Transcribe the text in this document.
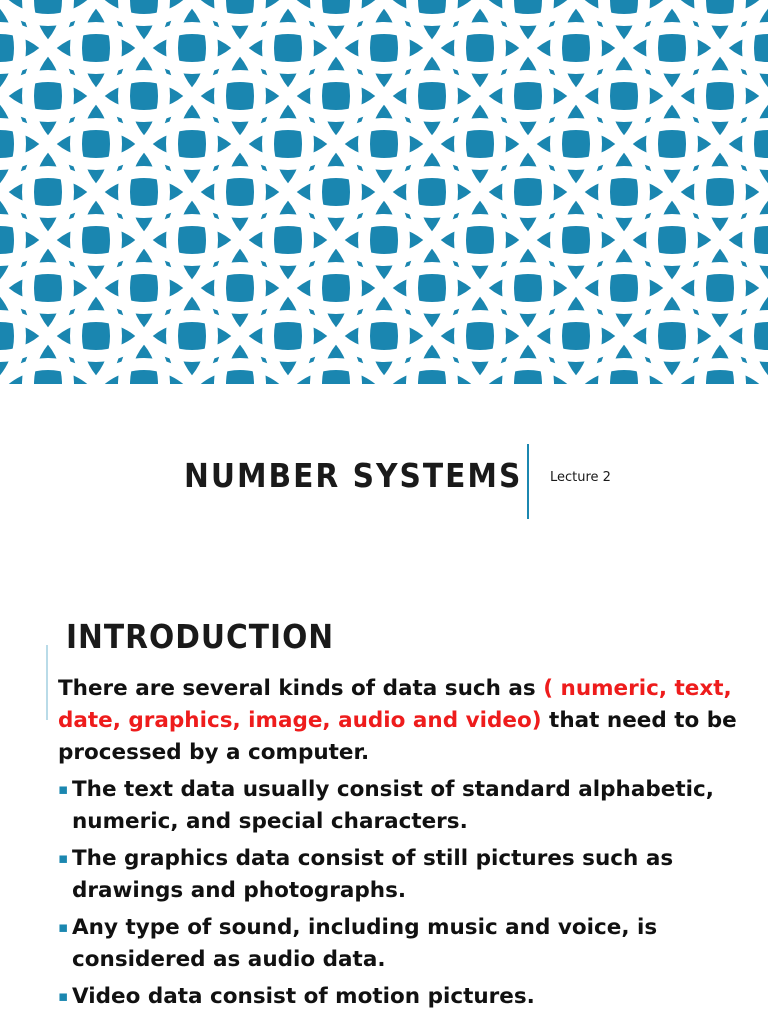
NUMBER SYSTEMS Lecture 2
INTRODUCTION
There are several kinds of data such as ( numeric, text, date, graphics, image, audio and video) that need to be processed by a computer.
▪ The text data usually consist of standard alphabetic, numeric, and special characters.
▪ The graphics data consist of still pictures such as drawings and photographs.
▪ Any type of sound, including music and voice, is considered as audio data.
▪ Video data consist of motion pictures.
